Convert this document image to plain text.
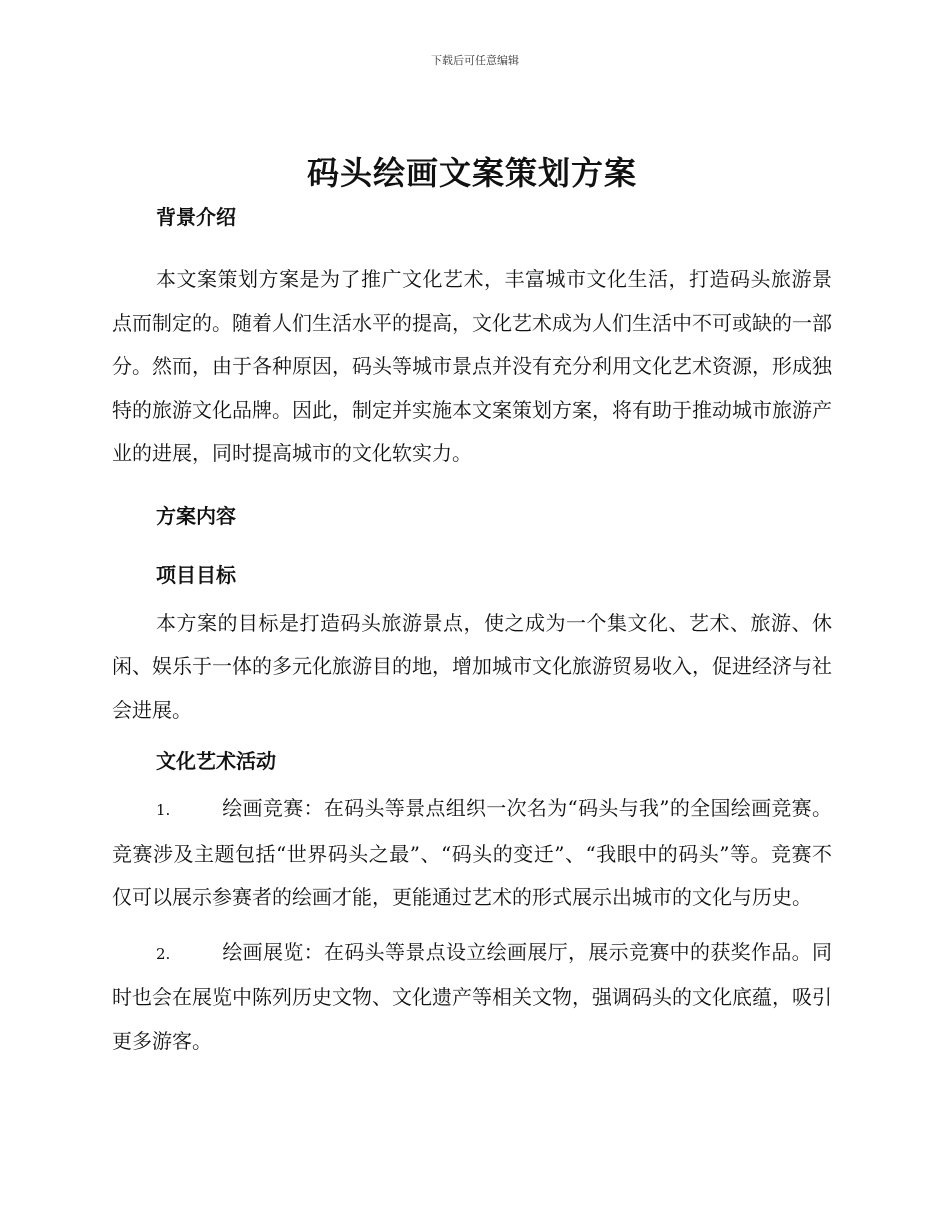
下载后可任意编辑
码头绘画文案策划方案
背景介绍

本文案策划方案是为了推广文化艺术，丰富城市文化生活，打造码头旅游景点而制定的。随着人们生活水平的提高，文化艺术成为人们生活中不可或缺的一部分。然而，由于各种原因，码头等城市景点并没有充分利用文化艺术资源，形成独特的旅游文化品牌。因此，制定并实施本文案策划方案，将有助于推动城市旅游产业的进展，同时提高城市的文化软实力。

方案内容
项目目标

本方案的目标是打造码头旅游景点，使之成为一个集文化、艺术、旅游、休闲、娱乐于一体的多元化旅游目的地，增加城市文化旅游贸易收入，促进经济与社会进展。

文化艺术活动

1.	绘画竞赛：在码头等景点组织一次名为“码头与我”的全国绘画竞赛。竞赛涉及主题包括“世界码头之最”、“码头的变迁”、“我眼中的码头”等。竞赛不仅可以展示参赛者的绘画才能，更能通过艺术的形式展示出城市的文化与历史。

2.	绘画展览：在码头等景点设立绘画展厅，展示竞赛中的获奖作品。同时也会在展览中陈列历史文物、文化遗产等相关文物，强调码头的文化底蕴，吸引更多游客。
